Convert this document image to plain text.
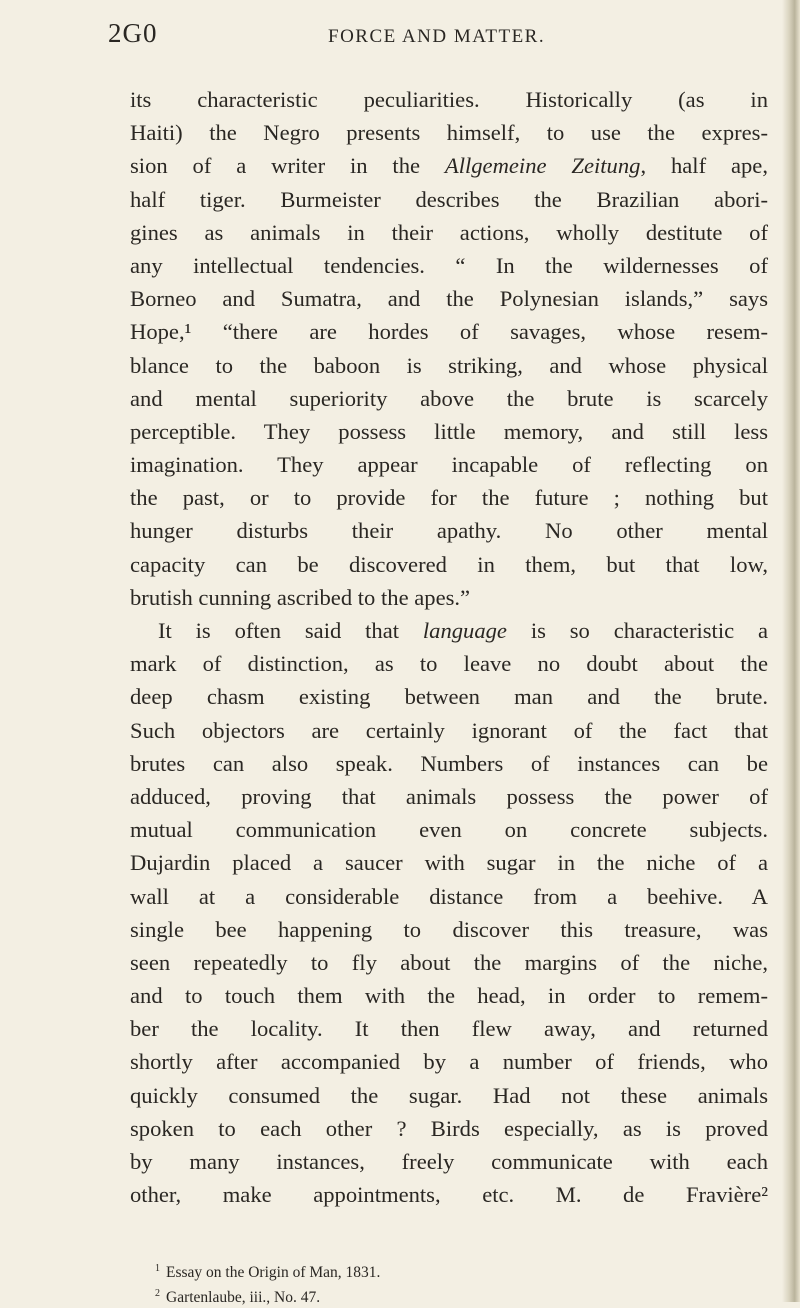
2G0	FORCE AND MATTER.
its characteristic peculiarities. Historically (as in
Haiti) the Negro presents himself, to use the expres-
sion of a writer in the Allgemeine Zeitung, half ape,
half tiger. Burmeister describes the Brazilian abori-
gines as animals in their actions, wholly destitute of
any intellectual tendencies. “ In the wildernesses of
Borneo and Sumatra, and the Polynesian islands,” says
Hope,¹ “there are hordes of savages, whose resem-
blance to the baboon is striking, and whose physical
and mental superiority above the brute is scarcely
perceptible. They possess little memory, and still less
imagination. They appear incapable of reflecting on
the past, or to provide for the future ; nothing but
hunger disturbs their apathy. No other mental
capacity can be discovered in them, but that low,
brutish cunning ascribed to the apes.”
It is often said that language is so characteristic a
mark of distinction, as to leave no doubt about the
deep chasm existing between man and the brute.
Such objectors are certainly ignorant of the fact that
brutes can also speak. Numbers of instances can be
adduced, proving that animals possess the power of
mutual communication even on concrete subjects.
Dujardin placed a saucer with sugar in the niche of a
wall at a considerable distance from a beehive. A
single bee happening to discover this treasure, was
seen repeatedly to fly about the margins of the niche,
and to touch them with the head, in order to remem-
ber the locality. It then flew away, and returned
shortly after accompanied by a number of friends, who
quickly consumed the sugar. Had not these animals
spoken to each other ? Birds especially, as is proved
by many instances, freely communicate with each
other, make appointments, etc. M. de Fravière²
$^1$ Essay on the Origin of Man, 1831.
$^2$ Gartenlaube, iii., No. 47.
